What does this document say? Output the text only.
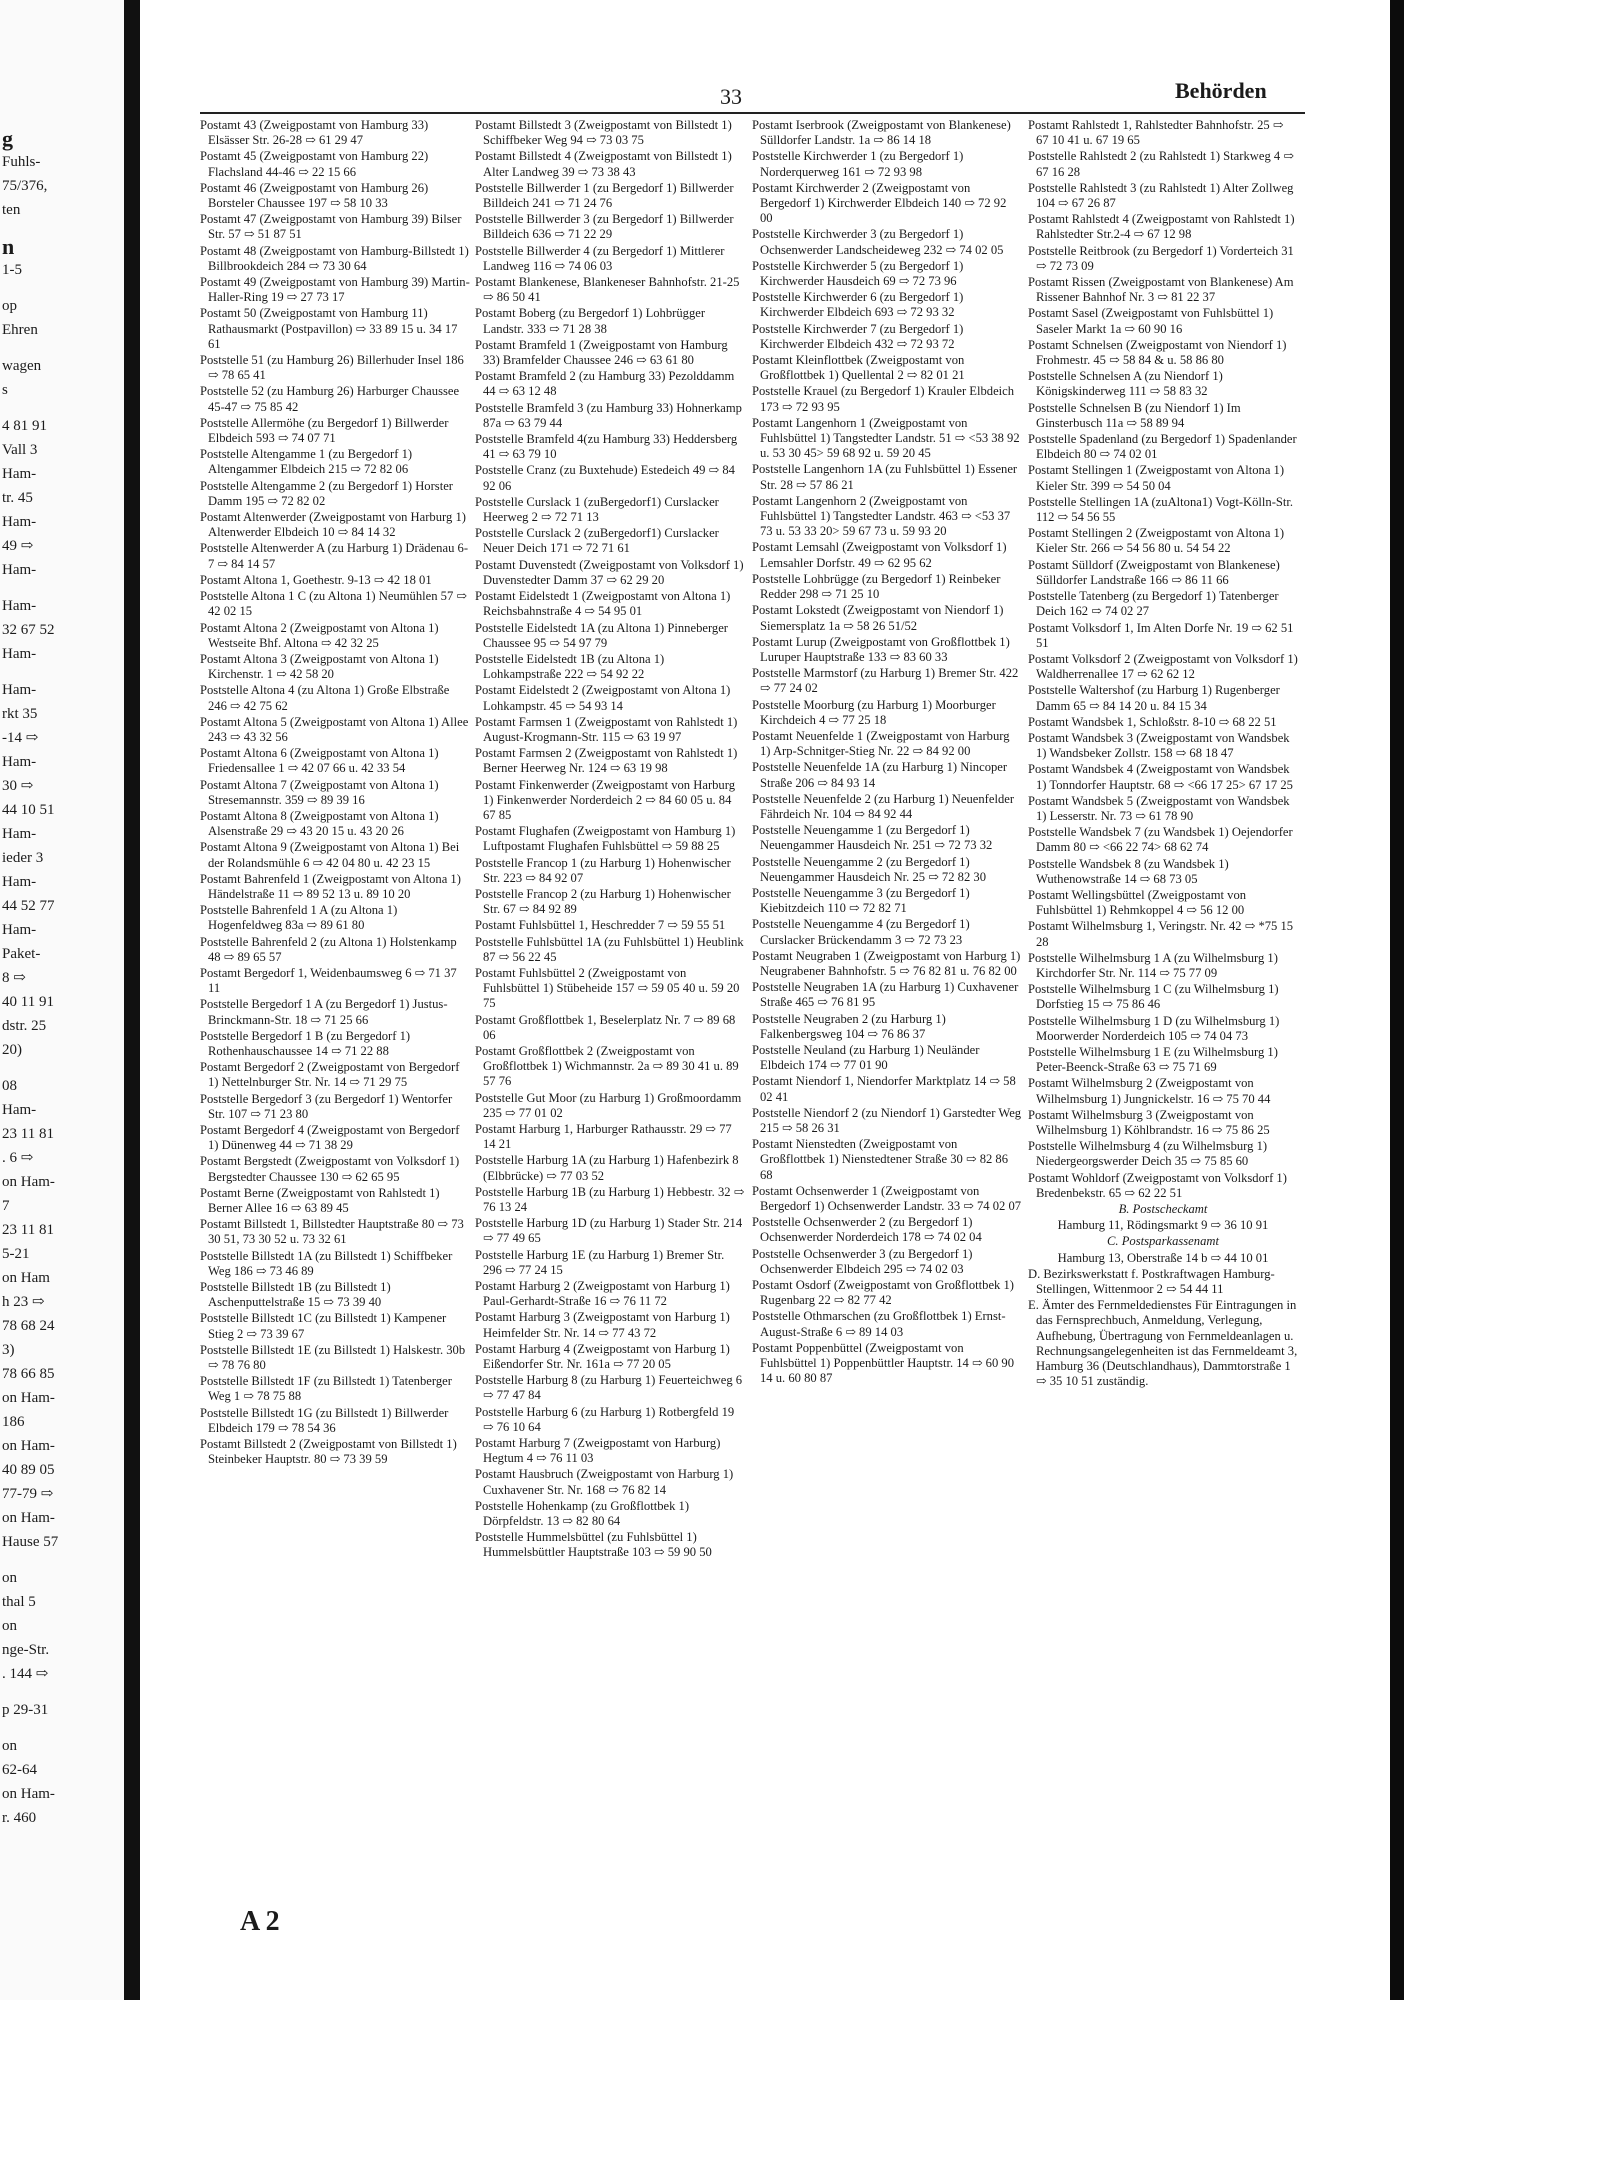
g
Fuhls-
75/376,
ten
n
1-5
op
Ehren
wagen
s
4 81 91
Vall 3
Ham-
tr. 45
Ham-
49 ⇨
Ham-
Ham-
32 67 52
Ham-
Ham-
rkt 35
-14 ⇨
Ham-
30 ⇨
44 10 51
Ham-
ieder 3
Ham-
44 52 77
Ham-
Paket-
8 ⇨
40 11 91
dstr. 25
20)
08
Ham-
23 11 81
. 6 ⇨
on Ham-
7
23 11 81
5-21
on Ham
h 23 ⇨
78 68 24
3)
78 66 85
on Ham-
186
on Ham-
40 89 05
77-79 ⇨
on Ham-
Hause 57
on
thal 5
on
nge-Str.
. 144 ⇨
p 29-31
on
62-64
on Ham-
r. 460
33	Behörden
Postamt 43 (Zweigpostamt von Hamburg 33) Elsässer Str. 26-28 ⇨ 61 29 47
Postamt 45 (Zweigpostamt von Hamburg 22) Flachsland 44-46 ⇨ 22 15 66
Postamt 46 (Zweigpostamt von Hamburg 26) Borsteler Chaussee 197 ⇨ 58 10 33
Postamt 47 (Zweigpostamt von Hamburg 39) Bilser Str. 57 ⇨ 51 87 51
Postamt 48 (Zweigpostamt von Hamburg-Billstedt 1) Billbrookdeich 284 ⇨ 73 30 64
Postamt 49 (Zweigpostamt von Hamburg 39) Martin-Haller-Ring 19 ⇨ 27 73 17
Postamt 50 (Zweigpostamt von Hamburg 11) Rathausmarkt (Postpavillon) ⇨ 33 89 15 u. 34 17 61
Poststelle 51 (zu Hamburg 26) Billerhuder Insel 186 ⇨ 78 65 41
Poststelle 52 (zu Hamburg 26) Harburger Chaussee 45-47 ⇨ 75 85 42
Poststelle Allermöhe (zu Bergedorf 1) Billwerder Elbdeich 593 ⇨ 74 07 71
Poststelle Altengamme 1 (zu Bergedorf 1) Altengammer Elbdeich 215 ⇨ 72 82 06
Poststelle Altengamme 2 (zu Bergedorf 1) Horster Damm 195 ⇨ 72 82 02
Postamt Altenwerder (Zweigpostamt von Harburg 1) Altenwerder Elbdeich 10 ⇨ 84 14 32
Poststelle Altenwerder A (zu Harburg 1) Drädenau 6-7 ⇨ 84 14 57
Postamt Altona 1, Goethestr. 9-13 ⇨ 42 18 01
Poststelle Altona 1 C (zu Altona 1) Neumühlen 57 ⇨ 42 02 15
Postamt Altona 2 (Zweigpostamt von Altona 1) Westseite Bhf. Altona ⇨ 42 32 25
Postamt Altona 3 (Zweigpostamt von Altona 1) Kirchenstr. 1 ⇨ 42 58 20
Poststelle Altona 4 (zu Altona 1) Große Elbstraße 246 ⇨ 42 75 62
Postamt Altona 5 (Zweigpostamt von Altona 1) Allee 243 ⇨ 43 32 56
Postamt Altona 6 (Zweigpostamt von Altona 1) Friedensallee 1 ⇨ 42 07 66 u. 42 33 54
Postamt Altona 7 (Zweigpostamt von Altona 1) Stresemannstr. 359 ⇨ 89 39 16
Postamt Altona 8 (Zweigpostamt von Altona 1) Alsenstraße 29 ⇨ 43 20 15 u. 43 20 26
Postamt Altona 9 (Zweigpostamt von Altona 1) Bei der Rolandsmühle 6 ⇨ 42 04 80 u. 42 23 15
Postamt Bahrenfeld 1 (Zweigpostamt von Altona 1) Händelstraße 11 ⇨ 89 52 13 u. 89 10 20
Poststelle Bahrenfeld 1 A (zu Altona 1) Hogenfeldweg 83a ⇨ 89 61 80
Poststelle Bahrenfeld 2 (zu Altona 1) Holstenkamp 48 ⇨ 89 65 57
Postamt Bergedorf 1, Weidenbaumsweg 6 ⇨ 71 37 11
Poststelle Bergedorf 1 A (zu Bergedorf 1) Justus-Brinckmann-Str. 18 ⇨ 71 25 66
Poststelle Bergedorf 1 B (zu Bergedorf 1) Rothenhauschaussee 14 ⇨ 71 22 88
Postamt Bergedorf 2 (Zweigpostamt von Bergedorf 1) Nettelnburger Str. Nr. 14 ⇨ 71 29 75
Poststelle Bergedorf 3 (zu Bergedorf 1) Wentorfer Str. 107 ⇨ 71 23 80
Postamt Bergedorf 4 (Zweigpostamt von Bergedorf 1) Dünenweg 44 ⇨ 71 38 29
Postamt Bergstedt (Zweigpostamt von Volksdorf 1) Bergstedter Chaussee 130 ⇨ 62 65 95
Postamt Berne (Zweigpostamt von Rahlstedt 1) Berner Allee 16 ⇨ 63 89 45
Postamt Billstedt 1, Billstedter Hauptstraße 80 ⇨ 73 30 51, 73 30 52 u. 73 32 61
Poststelle Billstedt 1A (zu Billstedt 1) Schiffbeker Weg 186 ⇨ 73 46 89
Poststelle Billstedt 1B (zu Billstedt 1) Aschenputtelstraße 15 ⇨ 73 39 40
Poststelle Billstedt 1C (zu Billstedt 1) Kampener Stieg 2 ⇨ 73 39 67
Poststelle Billstedt 1E (zu Billstedt 1) Halskestr. 30b ⇨ 78 76 80
Poststelle Billstedt 1F (zu Billstedt 1) Tatenberger Weg 1 ⇨ 78 75 88
Poststelle Billstedt 1G (zu Billstedt 1) Billwerder Elbdeich 179 ⇨ 78 54 36
Postamt Billstedt 2 (Zweigpostamt von Billstedt 1) Steinbeker Hauptstr. 80 ⇨ 73 39 59
Postamt Billstedt 3 (Zweigpostamt von Billstedt 1) Schiffbeker Weg 94 ⇨ 73 03 75
Postamt Billstedt 4 (Zweigpostamt von Billstedt 1) Alter Landweg 39 ⇨ 73 38 43
Poststelle Billwerder 1 (zu Bergedorf 1) Billwerder Billdeich 241 ⇨ 71 24 76
Poststelle Billwerder 3 (zu Bergedorf 1) Billwerder Billdeich 636 ⇨ 71 22 29
Poststelle Billwerder 4 (zu Bergedorf 1) Mittlerer Landweg 116 ⇨ 74 06 03
Postamt Blankenese, Blankeneser Bahnhofstr. 21-25 ⇨ 86 50 41
Postamt Boberg (zu Bergedorf 1) Lohbrügger Landstr. 333 ⇨ 71 28 38
Postamt Bramfeld 1 (Zweigpostamt von Hamburg 33) Bramfelder Chaussee 246 ⇨ 63 61 80
Postamt Bramfeld 2 (zu Hamburg 33) Pezolddamm 44 ⇨ 63 12 48
Poststelle Bramfeld 3 (zu Hamburg 33) Hohnerkamp 87a ⇨ 63 79 44
Poststelle Bramfeld 4(zu Hamburg 33) Heddersberg 41 ⇨ 63 79 10
Poststelle Cranz (zu Buxtehude) Estedeich 49 ⇨ 84 92 06
Poststelle Curslack 1 (zuBergedorf1) Curslacker Heerweg 2 ⇨ 72 71 13
Poststelle Curslack 2 (zuBergedorf1) Curslacker Neuer Deich 171 ⇨ 72 71 61
Postamt Duvenstedt (Zweigpostamt von Volksdorf 1) Duvenstedter Damm 37 ⇨ 62 29 20
Postamt Eidelstedt 1 (Zweigpostamt von Altona 1) Reichsbahnstraße 4 ⇨ 54 95 01
Poststelle Eidelstedt 1A (zu Altona 1) Pinneberger Chaussee 95 ⇨ 54 97 79
Poststelle Eidelstedt 1B (zu Altona 1) Lohkampstraße 222 ⇨ 54 92 22
Postamt Eidelstedt 2 (Zweigpostamt von Altona 1) Lohkampstr. 45 ⇨ 54 93 14
Postamt Farmsen 1 (Zweigpostamt von Rahlstedt 1) August-Krogmann-Str. 115 ⇨ 63 19 97
Postamt Farmsen 2 (Zweigpostamt von Rahlstedt 1) Berner Heerweg Nr. 124 ⇨ 63 19 98
Postamt Finkenwerder (Zweigpostamt von Harburg 1) Finkenwerder Norderdeich 2 ⇨ 84 60 05 u. 84 67 85
Postamt Flughafen (Zweigpostamt von Hamburg 1) Luftpostamt Flughafen Fuhlsbüttel ⇨ 59 88 25
Poststelle Francop 1 (zu Harburg 1) Hohenwischer Str. 223 ⇨ 84 92 07
Poststelle Francop 2 (zu Harburg 1) Hohenwischer Str. 67 ⇨ 84 92 89
Postamt Fuhlsbüttel 1, Heschredder 7 ⇨ 59 55 51
Poststelle Fuhlsbüttel 1A (zu Fuhlsbüttel 1) Heublink 87 ⇨ 56 22 45
Postamt Fuhlsbüttel 2 (Zweigpostamt von Fuhlsbüttel 1) Stübeheide 157 ⇨ 59 05 40 u. 59 20 75
Postamt Großflottbek 1, Beselerplatz Nr. 7 ⇨ 89 68 06
Postamt Großflottbek 2 (Zweigpostamt von Großflottbek 1) Wichmannstr. 2a ⇨ 89 30 41 u. 89 57 76
Poststelle Gut Moor (zu Harburg 1) Großmoordamm 235 ⇨ 77 01 02
Postamt Harburg 1, Harburger Rathausstr. 29 ⇨ 77 14 21
Poststelle Harburg 1A (zu Harburg 1) Hafenbezirk 8 (Elbbrücke) ⇨ 77 03 52
Poststelle Harburg 1B (zu Harburg 1) Hebbestr. 32 ⇨ 76 13 24
Poststelle Harburg 1D (zu Harburg 1) Stader Str. 214 ⇨ 77 49 65
Poststelle Harburg 1E (zu Harburg 1) Bremer Str. 296 ⇨ 77 24 15
Postamt Harburg 2 (Zweigpostamt von Harburg 1) Paul-Gerhardt-Straße 16 ⇨ 76 11 72
Postamt Harburg 3 (Zweigpostamt von Harburg 1) Heimfelder Str. Nr. 14 ⇨ 77 43 72
Postamt Harburg 4 (Zweigpostamt von Harburg 1) Eißendorfer Str. Nr. 161a ⇨ 77 20 05
Poststelle Harburg 8 (zu Harburg 1) Feuerteichweg 6 ⇨ 77 47 84
Poststelle Harburg 6 (zu Harburg 1) Rotbergfeld 19 ⇨ 76 10 64
Postamt Harburg 7 (Zweigpostamt von Harburg) Hegtum 4 ⇨ 76 11 03
Postamt Hausbruch (Zweigpostamt von Harburg 1) Cuxhavener Str. Nr. 168 ⇨ 76 82 14
Poststelle Hohenkamp (zu Großflottbek 1) Dörpfeldstr. 13 ⇨ 82 80 64
Poststelle Hummelsbüttel (zu Fuhlsbüttel 1) Hummelsbüttler Hauptstraße 103 ⇨ 59 90 50
Postamt Iserbrook (Zweigpostamt von Blankenese) Sülldorfer Landstr. 1a ⇨ 86 14 18
Poststelle Kirchwerder 1 (zu Bergedorf 1) Norderquerweg 161 ⇨ 72 93 98
Postamt Kirchwerder 2 (Zweigpostamt von Bergedorf 1) Kirchwerder Elbdeich 140 ⇨ 72 92 00
Poststelle Kirchwerder 3 (zu Bergedorf 1) Ochsenwerder Landscheideweg 232 ⇨ 74 02 05
Poststelle Kirchwerder 5 (zu Bergedorf 1) Kirchwerder Hausdeich 69 ⇨ 72 73 96
Poststelle Kirchwerder 6 (zu Bergedorf 1) Kirchwerder Elbdeich 693 ⇨ 72 93 32
Poststelle Kirchwerder 7 (zu Bergedorf 1) Kirchwerder Elbdeich 432 ⇨ 72 93 72
Postamt Kleinflottbek (Zweigpostamt von Großflottbek 1) Quellental 2 ⇨ 82 01 21
Poststelle Krauel (zu Bergedorf 1) Krauler Elbdeich 173 ⇨ 72 93 95
Postamt Langenhorn 1 (Zweigpostamt von Fuhlsbüttel 1) Tangstedter Landstr. 51 ⇨ <53 38 92 u. 53 30 45> 59 68 92 u. 59 20 45
Poststelle Langenhorn 1A (zu Fuhlsbüttel 1) Essener Str. 28 ⇨ 57 86 21
Postamt Langenhorn 2 (Zweigpostamt von Fuhlsbüttel 1) Tangstedter Landstr. 463 ⇨ <53 37 73 u. 53 33 20> 59 67 73 u. 59 93 20
Postamt Lemsahl (Zweigpostamt von Volksdorf 1) Lemsahler Dorfstr. 49 ⇨ 62 95 62
Poststelle Lohbrügge (zu Bergedorf 1) Reinbeker Redder 298 ⇨ 71 25 10
Postamt Lokstedt (Zweigpostamt von Niendorf 1) Siemersplatz 1a ⇨ 58 26 51/52
Postamt Lurup (Zweigpostamt von Großflottbek 1) Luruper Hauptstraße 133 ⇨ 83 60 33
Poststelle Marmstorf (zu Harburg 1) Bremer Str. 422 ⇨ 77 24 02
Poststelle Moorburg (zu Harburg 1) Moorburger Kirchdeich 4 ⇨ 77 25 18
Postamt Neuenfelde 1 (Zweigpostamt von Harburg 1) Arp-Schnitger-Stieg Nr. 22 ⇨ 84 92 00
Poststelle Neuenfelde 1A (zu Harburg 1) Nincoper Straße 206 ⇨ 84 93 14
Poststelle Neuenfelde 2 (zu Harburg 1) Neuenfelder Fährdeich Nr. 104 ⇨ 84 92 44
Poststelle Neuengamme 1 (zu Bergedorf 1) Neuengammer Hausdeich Nr. 251 ⇨ 72 73 32
Poststelle Neuengamme 2 (zu Bergedorf 1) Neuengammer Hausdeich Nr. 25 ⇨ 72 82 30
Poststelle Neuengamme 3 (zu Bergedorf 1) Kiebitzdeich 110 ⇨ 72 82 71
Poststelle Neuengamme 4 (zu Bergedorf 1) Curslacker Brückendamm 3 ⇨ 72 73 23
Postamt Neugraben 1 (Zweigpostamt von Harburg 1) Neugrabener Bahnhofstr. 5 ⇨ 76 82 81 u. 76 82 00
Poststelle Neugraben 1A (zu Harburg 1) Cuxhavener Straße 465 ⇨ 76 81 95
Poststelle Neugraben 2 (zu Harburg 1) Falkenbergsweg 104 ⇨ 76 86 37
Poststelle Neuland (zu Harburg 1) Neuländer Elbdeich 174 ⇨ 77 01 90
Postamt Niendorf 1, Niendorfer Marktplatz 14 ⇨ 58 02 41
Poststelle Niendorf 2 (zu Niendorf 1) Garstedter Weg 215 ⇨ 58 26 31
Postamt Nienstedten (Zweigpostamt von Großflottbek 1) Nienstedtener Straße 30 ⇨ 82 86 68
Postamt Ochsenwerder 1 (Zweigpostamt von Bergedorf 1) Ochsenwerder Landstr. 33 ⇨ 74 02 07
Poststelle Ochsenwerder 2 (zu Bergedorf 1) Ochsenwerder Norderdeich 178 ⇨ 74 02 04
Poststelle Ochsenwerder 3 (zu Bergedorf 1) Ochsenwerder Elbdeich 295 ⇨ 74 02 03
Postamt Osdorf (Zweigpostamt von Großflottbek 1) Rugenbarg 22 ⇨ 82 77 42
Poststelle Othmarschen (zu Großflottbek 1) Ernst-August-Straße 6 ⇨ 89 14 03
Postamt Poppenbüttel (Zweigpostamt von Fuhlsbüttel 1) Poppenbüttler Hauptstr. 14 ⇨ 60 90 14 u. 60 80 87
Postamt Rahlstedt 1, Rahlstedter Bahnhofstr. 25 ⇨ 67 10 41 u. 67 19 65
Poststelle Rahlstedt 2 (zu Rahlstedt 1) Starkweg 4 ⇨ 67 16 28
Poststelle Rahlstedt 3 (zu Rahlstedt 1) Alter Zollweg 104 ⇨ 67 26 87
Postamt Rahlstedt 4 (Zweigpostamt von Rahlstedt 1) Rahlstedter Str.2-4 ⇨ 67 12 98
Poststelle Reitbrook (zu Bergedorf 1) Vorderteich 31 ⇨ 72 73 09
Postamt Rissen (Zweigpostamt von Blankenese) Am Rissener Bahnhof Nr. 3 ⇨ 81 22 37
Postamt Sasel (Zweigpostamt von Fuhlsbüttel 1) Saseler Markt 1a ⇨ 60 90 16
Postamt Schnelsen (Zweigpostamt von Niendorf 1) Frohmestr. 45 ⇨ 58 84 & u. 58 86 80
Poststelle Schnelsen A (zu Niendorf 1) Königskinderweg 111 ⇨ 58 83 32
Poststelle Schnelsen B (zu Niendorf 1) Im Ginsterbusch 11a ⇨ 58 89 94
Poststelle Spadenland (zu Bergedorf 1) Spadenlander Elbdeich 80 ⇨ 74 02 01
Postamt Stellingen 1 (Zweigpostamt von Altona 1) Kieler Str. 399 ⇨ 54 50 04
Poststelle Stellingen 1A (zuAltona1) Vogt-Kölln-Str. 112 ⇨ 54 56 55
Postamt Stellingen 2 (Zweigpostamt von Altona 1) Kieler Str. 266 ⇨ 54 56 80 u. 54 54 22
Postamt Sülldorf (Zweigpostamt von Blankenese) Sülldorfer Landstraße 166 ⇨ 86 11 66
Poststelle Tatenberg (zu Bergedorf 1) Tatenberger Deich 162 ⇨ 74 02 27
Postamt Volksdorf 1, Im Alten Dorfe Nr. 19 ⇨ 62 51 51
Postamt Volksdorf 2 (Zweigpostamt von Volksdorf 1) Waldherrenallee 17 ⇨ 62 62 12
Poststelle Waltershof (zu Harburg 1) Rugenberger Damm 65 ⇨ 84 14 20 u. 84 15 34
Postamt Wandsbek 1, Schloßstr. 8-10 ⇨ 68 22 51
Postamt Wandsbek 3 (Zweigpostamt von Wandsbek 1) Wandsbeker Zollstr. 158 ⇨ 68 18 47
Postamt Wandsbek 4 (Zweigpostamt von Wandsbek 1) Tonndorfer Hauptstr. 68 ⇨ <66 17 25> 67 17 25
Postamt Wandsbek 5 (Zweigpostamt von Wandsbek 1) Lesserstr. Nr. 73 ⇨ 61 78 90
Poststelle Wandsbek 7 (zu Wandsbek 1) Oejendorfer Damm 80 ⇨ <66 22 74> 68 62 74
Poststelle Wandsbek 8 (zu Wandsbek 1) Wuthenowstraße 14 ⇨ 68 73 05
Postamt Wellingsbüttel (Zweigpostamt von Fuhlsbüttel 1) Rehmkoppel 4 ⇨ 56 12 00
Postamt Wilhelmsburg 1, Veringstr. Nr. 42 ⇨ *75 15 28
Poststelle Wilhelmsburg 1 A (zu Wilhelmsburg 1) Kirchdorfer Str. Nr. 114 ⇨ 75 77 09
Poststelle Wilhelmsburg 1 C (zu Wilhelmsburg 1) Dorfstieg 15 ⇨ 75 86 46
Poststelle Wilhelmsburg 1 D (zu Wilhelmsburg 1) Moorwerder Norderdeich 105 ⇨ 74 04 73
Poststelle Wilhelmsburg 1 E (zu Wilhelmsburg 1) Peter-Beenck-Straße 63 ⇨ 75 71 69
Postamt Wilhelmsburg 2 (Zweigpostamt von Wilhelmsburg 1) Jungnickelstr. 16 ⇨ 75 70 44
Postamt Wilhelmsburg 3 (Zweigpostamt von Wilhelmsburg 1) Köhlbrandstr. 16 ⇨ 75 86 25
Poststelle Wilhelmsburg 4 (zu Wilhelmsburg 1) Niedergeorgswerder Deich 35 ⇨ 75 85 60
Postamt Wohldorf (Zweigpostamt von Volksdorf 1) Bredenbekstr. 65 ⇨ 62 22 51
B. Postscheckamt
Hamburg 11, Rödingsmarkt 9 ⇨ 36 10 91
C. Postsparkassenamt
Hamburg 13, Oberstraße 14 b ⇨ 44 10 01
D. Bezirkswerkstatt f. Postkraftwagen Hamburg-Stellingen, Wittenmoor 2 ⇨ 54 44 11
E. Ämter des Fernmeldedienstes Für Eintragungen in das Fernsprechbuch, Anmeldung, Verlegung, Aufhebung, Übertragung von Fernmeldeanlagen u. Rechnungsangelegenheiten ist das Fernmeldeamt 3, Hamburg 36 (Deutschlandhaus), Dammtorstraße 1 ⇨ 35 10 51 zuständig.
A 2
